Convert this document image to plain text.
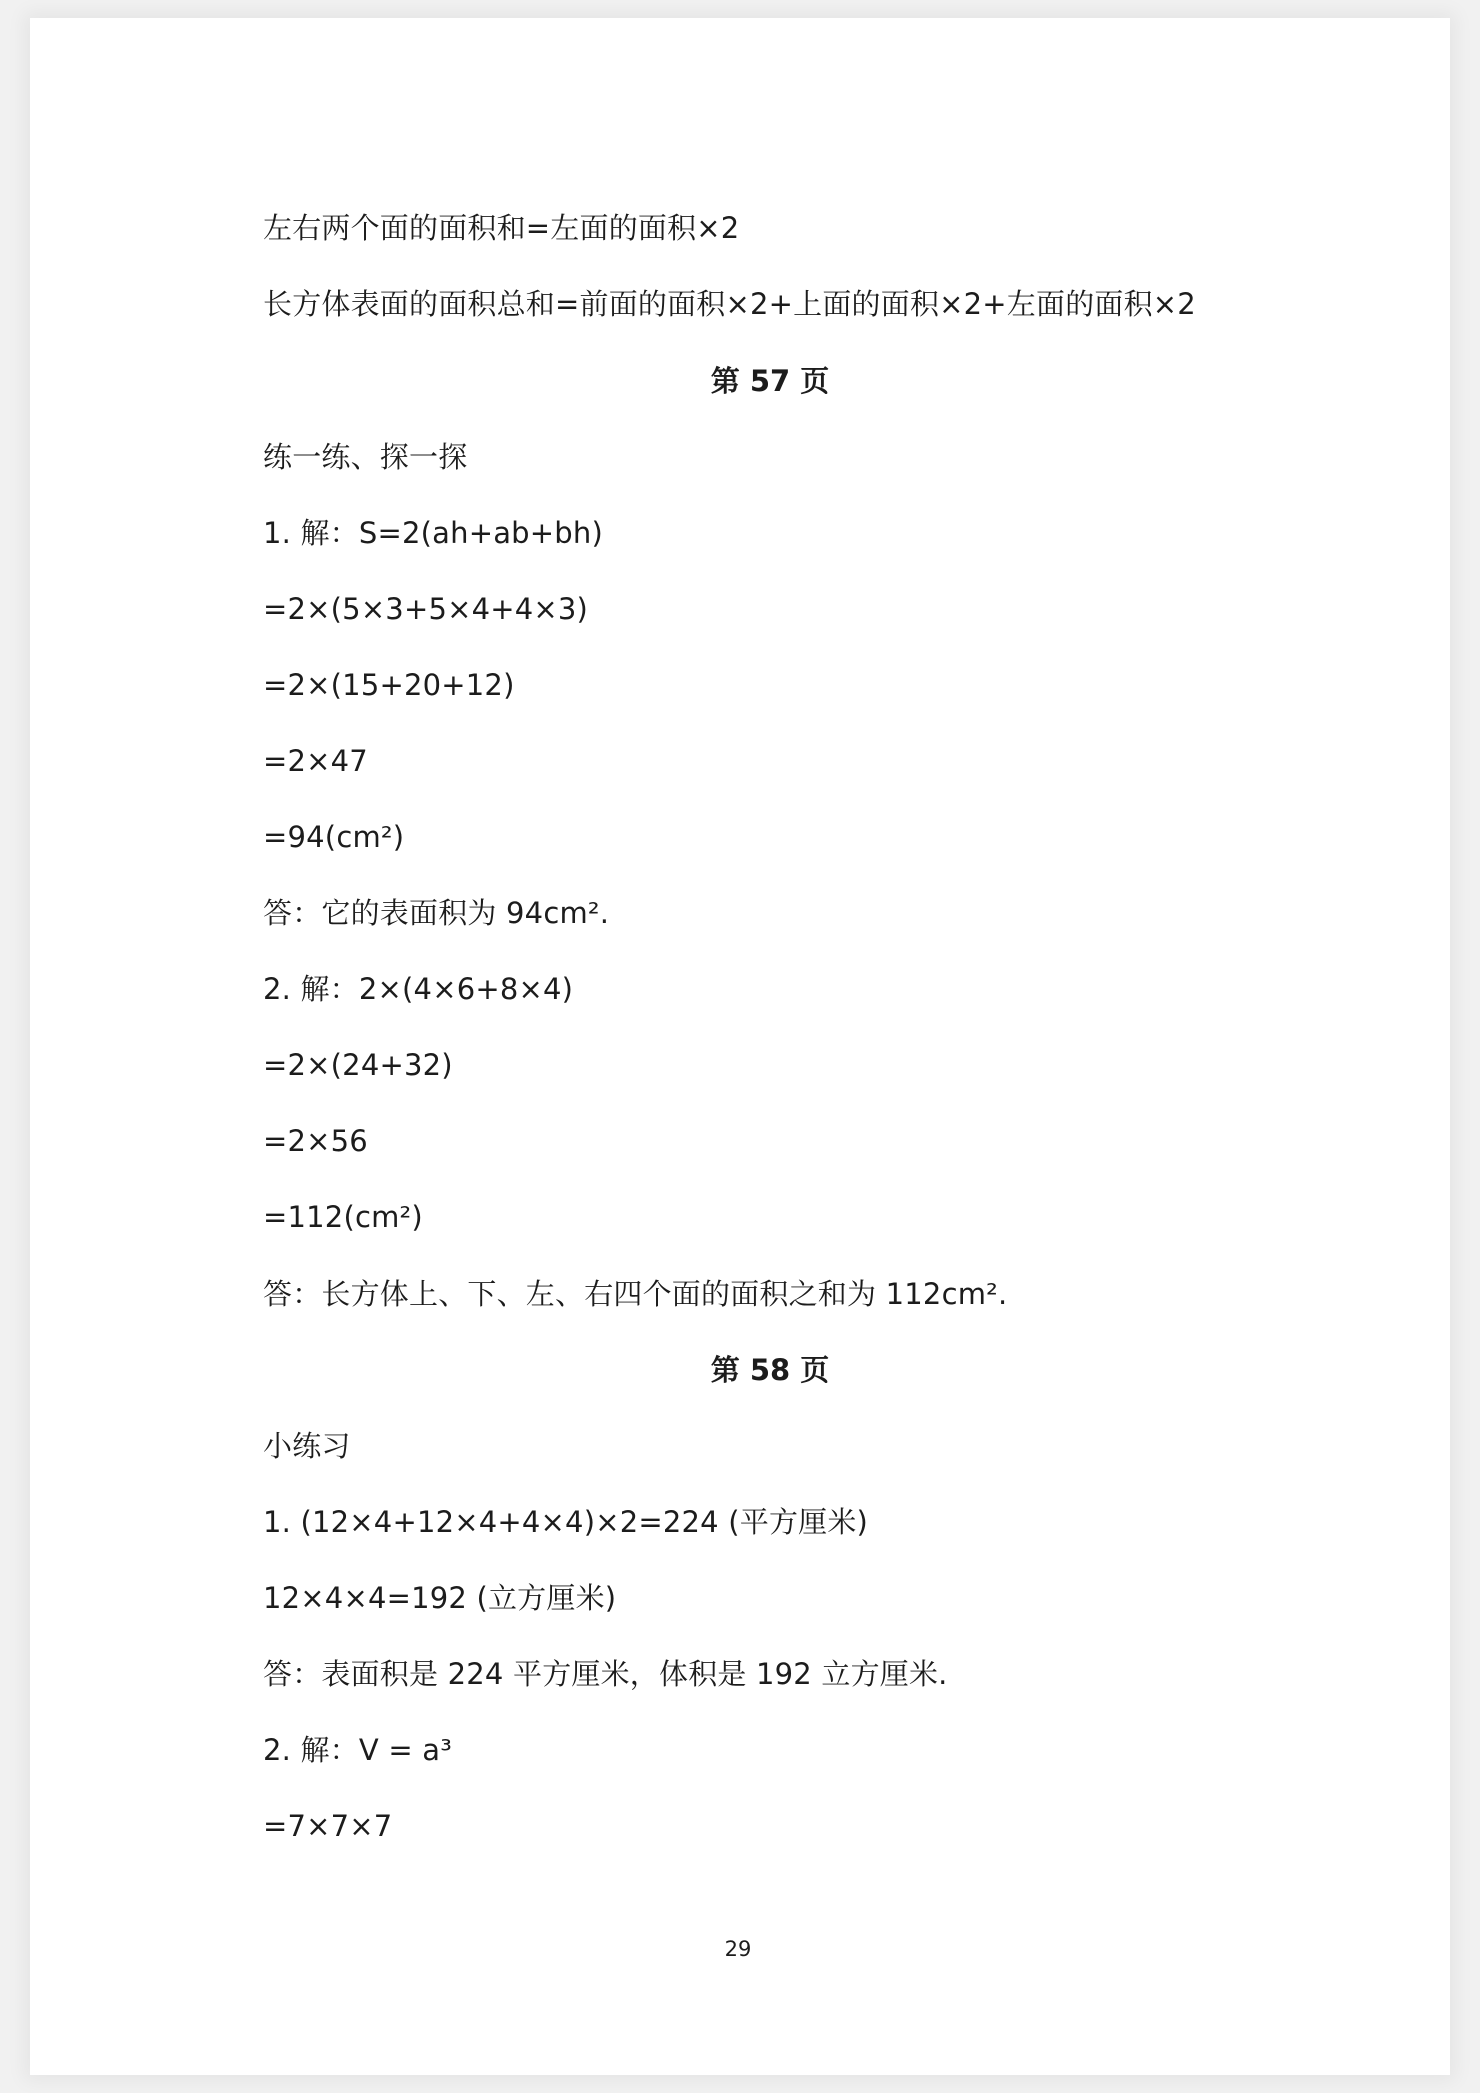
左右两个面的面积和=左面的面积×2
长方体表面的面积总和=前面的面积×2+上面的面积×2+左面的面积×2
第 57 页
练一练、探一探
1. 解：S=2(ah+ab+bh)
=2×(5×3+5×4+4×3)
=2×(15+20+12)
=2×47
=94(cm²)
答：它的表面积为 94cm².
2. 解：2×(4×6+8×4)
=2×(24+32)
=2×56
=112(cm²)
答：长方体上、下、左、右四个面的面积之和为 112cm².
第 58 页
小练习
1. (12×4+12×4+4×4)×2=224 (平方厘米)
12×4×4=192 (立方厘米)
答：表面积是 224 平方厘米，体积是 192 立方厘米.
2. 解：V = a³
=7×7×7
29
